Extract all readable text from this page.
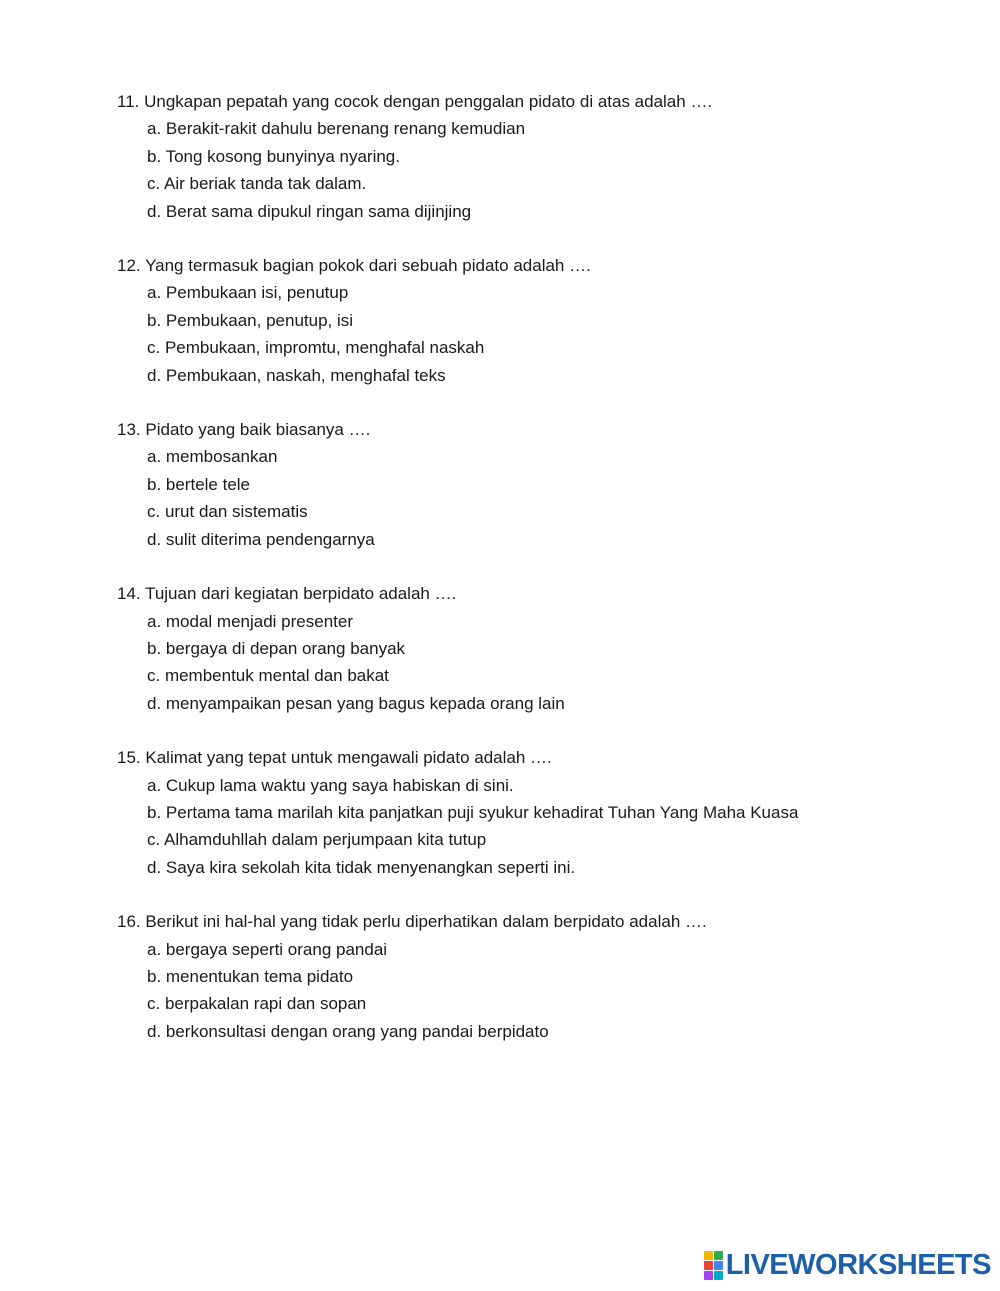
11. Ungkapan pepatah yang cocok dengan penggalan pidato di atas adalah ….
a. Berakit-rakit dahulu berenang renang kemudian
b. Tong kosong bunyinya nyaring.
c. Air beriak tanda tak dalam.
d. Berat sama dipukul ringan sama dijinjing
12. Yang termasuk bagian pokok dari sebuah pidato adalah ….
a. Pembukaan isi, penutup
b. Pembukaan, penutup, isi
c. Pembukaan, impromtu, menghafal naskah
d. Pembukaan, naskah, menghafal teks
13. Pidato yang baik biasanya ….
a. membosankan
b. bertele tele
c. urut dan sistematis
d. sulit diterima pendengarnya
14. Tujuan dari kegiatan berpidato adalah ….
a. modal menjadi presenter
b. bergaya di depan orang banyak
c. membentuk mental dan bakat
d. menyampaikan pesan yang bagus kepada orang lain
15. Kalimat yang tepat untuk mengawali pidato adalah ….
a. Cukup lama waktu yang saya habiskan di sini.
b. Pertama tama marilah kita panjatkan puji syukur kehadirat Tuhan Yang Maha Kuasa
c. Alhamduhllah dalam perjumpaan kita tutup
d. Saya kira sekolah kita tidak menyenangkan seperti ini.
16. Berikut ini hal-hal yang tidak perlu diperhatikan dalam berpidato adalah ….
a. bergaya seperti orang pandai
b. menentukan tema pidato
c. berpakalan rapi dan sopan
d. berkonsultasi dengan orang yang pandai berpidato
LIVEWORKSHEETS
